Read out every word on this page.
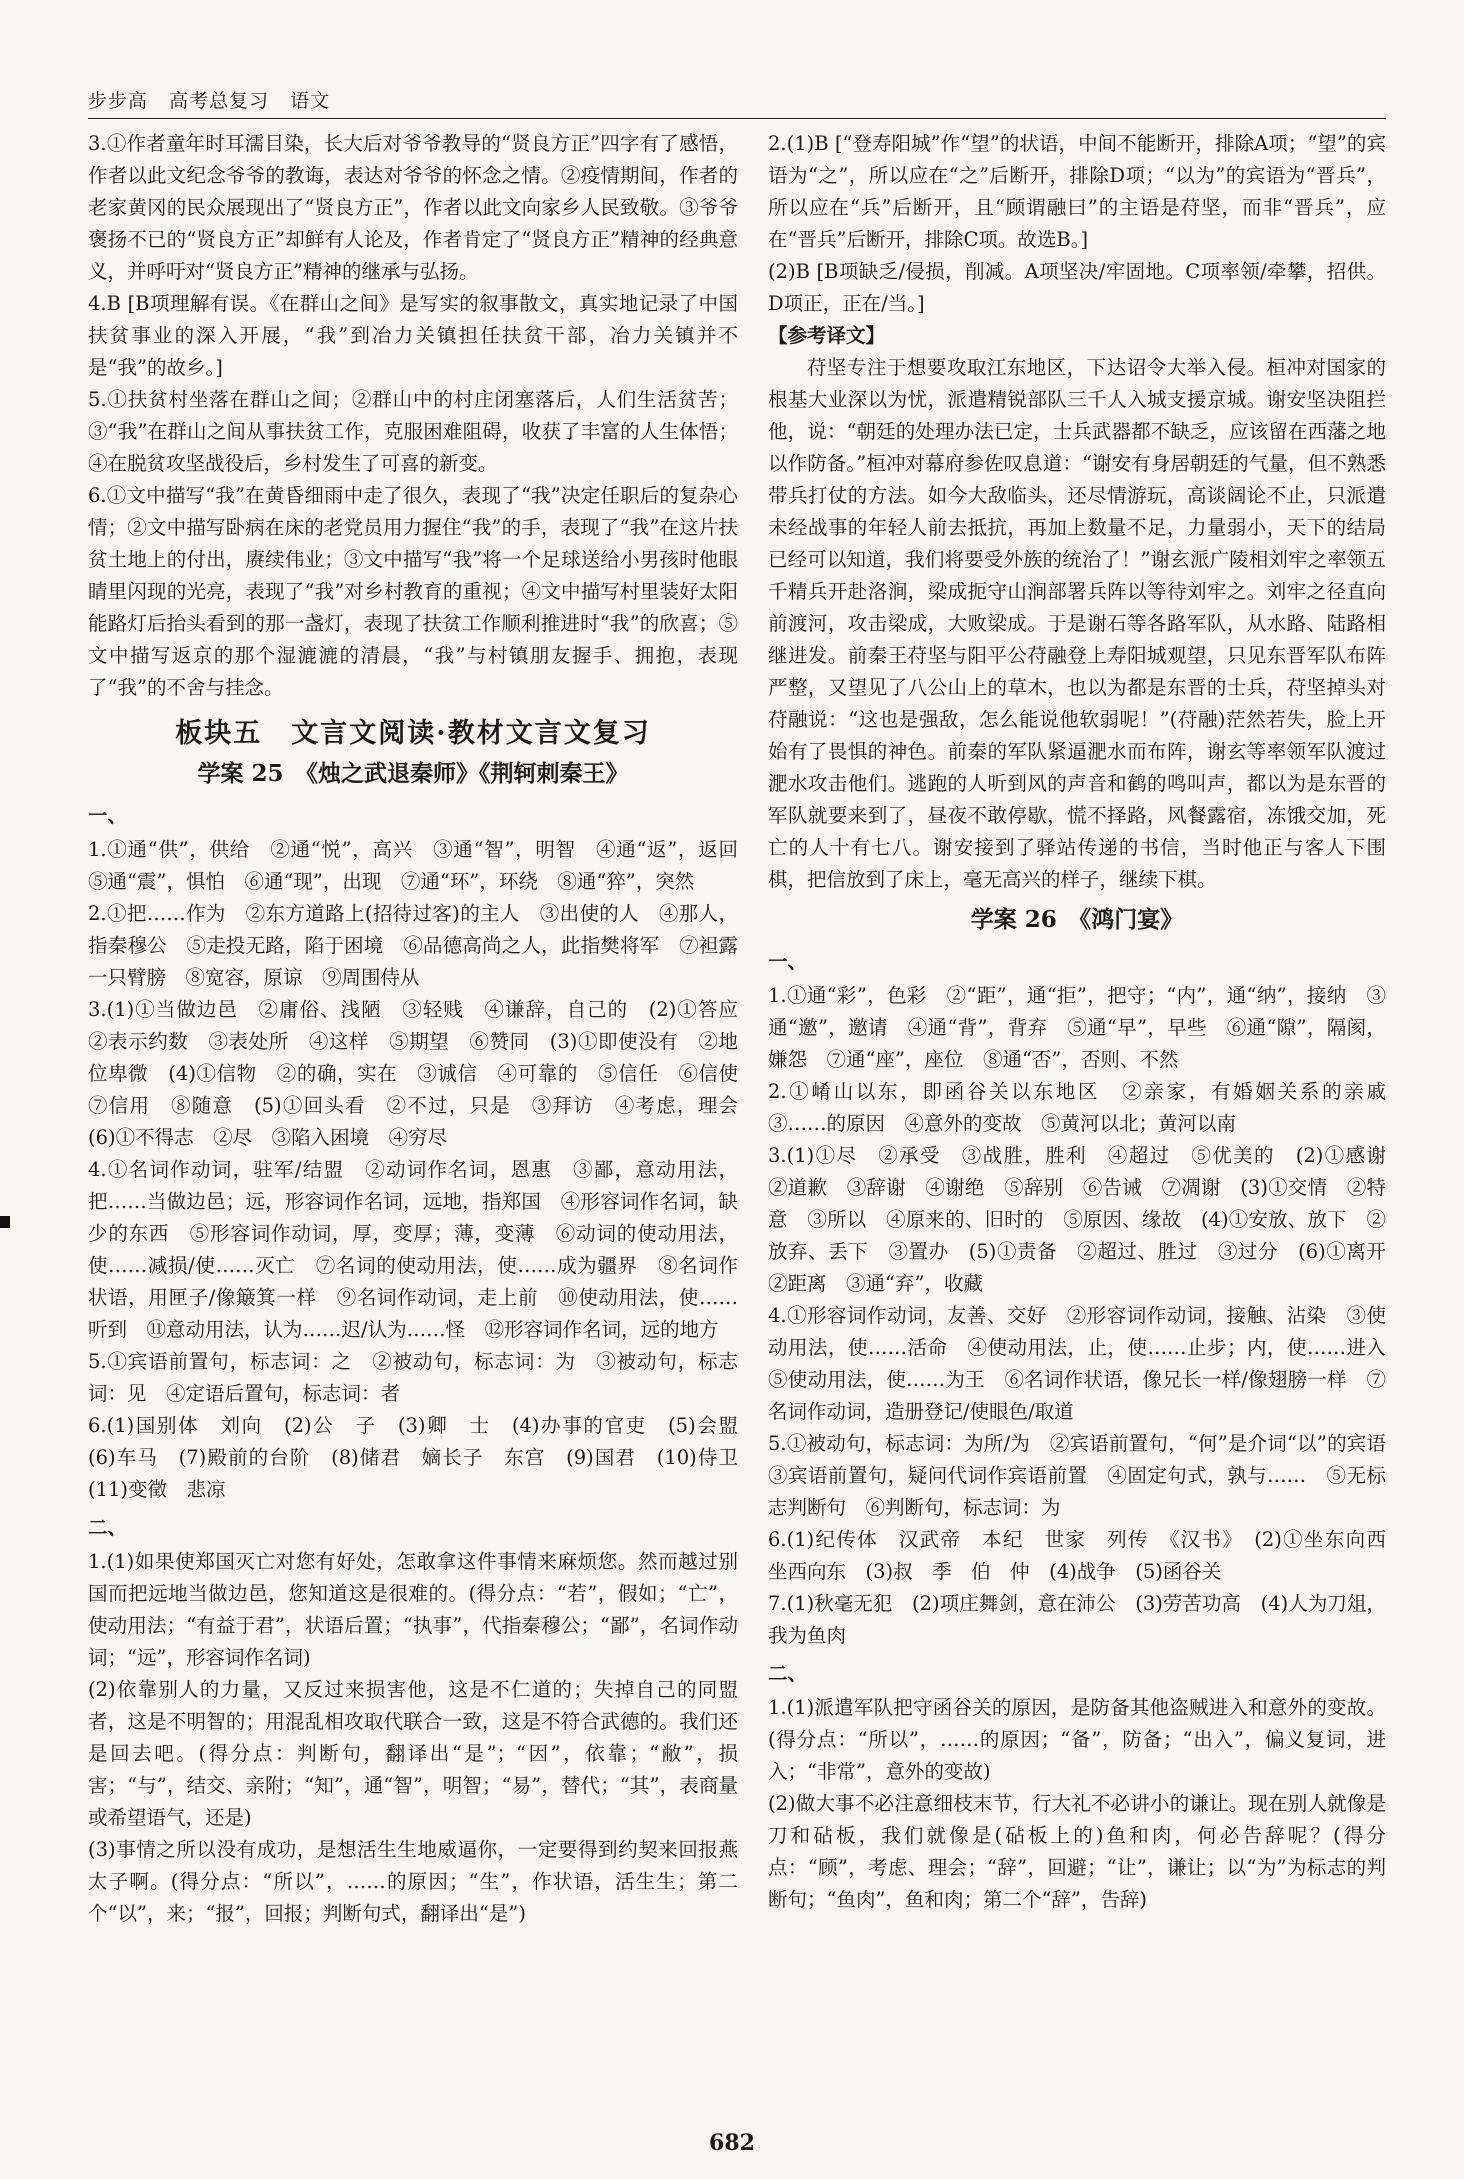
步步高 高考总复习 语文

3.①作者童年时耳濡目染，长大后对爷爷教导的“贤良方正”四字有了感悟，作者以此文纪念爷爷的教诲，表达对爷爷的怀念之情。②疫情期间，作者的老家黄冈的民众展现出了“贤良方正”，作者以此文向家乡人民致敬。③爷爷褒扬不已的“贤良方正”却鲜有人论及，作者肯定了“贤良方正”精神的经典意义，并呼吁对“贤良方正”精神的继承与弘扬。

4.B [B项理解有误。《在群山之间》是写实的叙事散文，真实地记录了中国扶贫事业的深入开展，“我”到冶力关镇担任扶贫干部，冶力关镇并不是“我”的故乡。]

5.①扶贫村坐落在群山之间；②群山中的村庄闭塞落后，人们生活贫苦；③“我”在群山之间从事扶贫工作，克服困难阻碍，收获了丰富的人生体悟；④在脱贫攻坚战役后，乡村发生了可喜的新变。

6.①文中描写“我”在黄昏细雨中走了很久，表现了“我”决定任职后的复杂心情；②文中描写卧病在床的老党员用力握住“我”的手，表现了“我”在这片扶贫土地上的付出，赓续伟业；③文中描写“我”将一个足球送给小男孩时他眼睛里闪现的光亮，表现了“我”对乡村教育的重视；④文中描写村里装好太阳能路灯后抬头看到的那一盏灯，表现了扶贫工作顺利推进时“我”的欣喜；⑤文中描写返京的那个湿漉漉的清晨，“我”与村镇朋友握手、拥抱，表现了“我”的不舍与挂念。

板块五　文言文阅读·教材文言文复习
学案 25　《烛之武退秦师》《荆轲刺秦王》
一、

1.①通“供”，供给　②通“悦”，高兴　③通“智”，明智　④通“返”，返回　⑤通“震”，惧怕　⑥通“现”，出现　⑦通“环”，环绕　⑧通“猝”，突然

2.①把……作为　②东方道路上(招待过客)的主人　③出使的人　④那人，指秦穆公　⑤走投无路，陷于困境　⑥品德高尚之人，此指樊将军　⑦袒露一只臂膀　⑧宽容，原谅　⑨周围侍从

3.(1)①当做边邑　②庸俗、浅陋　③轻贱　④谦辞，自己的　(2)①答应　②表示约数　③表处所　④这样　⑤期望　⑥赞同　(3)①即使没有　②地位卑微　(4)①信物　②的确，实在　③诚信　④可靠的　⑤信任　⑥信使　⑦信用　⑧随意　(5)①回头看　②不过，只是　③拜访　④考虑，理会　(6)①不得志　②尽　③陷入困境　④穷尽

4.①名词作动词，驻军/结盟　②动词作名词，恩惠　③鄙，意动用法，把……当做边邑；远，形容词作名词，远地，指郑国　④形容词作名词，缺少的东西　⑤形容词作动词，厚，变厚；薄，变薄　⑥动词的使动用法，使……减损/使……灭亡　⑦名词的使动用法，使……成为疆界　⑧名词作状语，用匣子/像簸箕一样　⑨名词作动词，走上前　⑩使动用法，使……听到　⑪意动用法，认为……迟/认为……怪　⑫形容词作名词，远的地方

5.①宾语前置句，标志词：之　②被动句，标志词：为　③被动句，标志词：见　④定语后置句，标志词：者

6.(1)国别体　刘向　(2)公　子　(3)卿　士　(4)办事的官吏　(5)会盟　(6)车马　(7)殿前的台阶　(8)储君　嫡长子　东宫　(9)国君　(10)侍卫　(11)变徵　悲凉

二、

1.(1)如果使郑国灭亡对您有好处，怎敢拿这件事情来麻烦您。然而越过别国而把远地当做边邑，您知道这是很难的。(得分点：“若”，假如；“亡”，使动用法；“有益于君”，状语后置；“执事”，代指秦穆公；“鄙”，名词作动词；“远”，形容词作名词)

(2)依靠别人的力量，又反过来损害他，这是不仁道的；失掉自己的同盟者，这是不明智的；用混乱相攻取代联合一致，这是不符合武德的。我们还是回去吧。(得分点：判断句，翻译出“是”；“因”，依靠；“敝”，损害；“与”，结交、亲附；“知”，通“智”，明智；“易”，替代；“其”，表商量或希望语气，还是)

(3)事情之所以没有成功，是想活生生地威逼你，一定要得到约契来回报燕太子啊。(得分点：“所以”，……的原因；“生”，作状语，活生生；第二个“以”，来；“报”，回报；判断句式，翻译出“是”)

2.(1)B [“登寿阳城”作“望”的状语，中间不能断开，排除A项；“望”的宾语为“之”，所以应在“之”后断开，排除D项；“以为”的宾语为“晋兵”，所以应在“兵”后断开，且“顾谓融曰”的主语是苻坚，而非“晋兵”，应在“晋兵”后断开，排除C项。故选B。]

(2)B [B项缺乏/侵损，削减。A项坚决/牢固地。C项率领/牵攀，招供。D项正，正在/当。]

【参考译文】

苻坚专注于想要攻取江东地区，下达诏令大举入侵。桓冲对国家的根基大业深以为忧，派遣精锐部队三千人入城支援京城。谢安坚决阻拦他，说：“朝廷的处理办法已定，士兵武器都不缺乏，应该留在西藩之地以作防备。”桓冲对幕府参佐叹息道：“谢安有身居朝廷的气量，但不熟悉带兵打仗的方法。如今大敌临头，还尽情游玩，高谈阔论不止，只派遣未经战事的年轻人前去抵抗，再加上数量不足，力量弱小，天下的结局已经可以知道，我们将要受外族的统治了！”谢玄派广陵相刘牢之率领五千精兵开赴洛涧，梁成扼守山涧部署兵阵以等待刘牢之。刘牢之径直向前渡河，攻击梁成，大败梁成。于是谢石等各路军队，从水路、陆路相继进发。前秦王苻坚与阳平公苻融登上寿阳城观望，只见东晋军队布阵严整，又望见了八公山上的草木，也以为都是东晋的士兵，苻坚掉头对苻融说：“这也是强敌，怎么能说他软弱呢！”(苻融)茫然若失，脸上开始有了畏惧的神色。前秦的军队紧逼淝水而布阵，谢玄等率领军队渡过淝水攻击他们。逃跑的人听到风的声音和鹤的鸣叫声，都以为是东晋的军队就要来到了，昼夜不敢停歇，慌不择路，风餐露宿，冻饿交加，死亡的人十有七八。谢安接到了驿站传递的书信，当时他正与客人下围棋，把信放到了床上，毫无高兴的样子，继续下棋。

学案 26　《鸿门宴》
一、

1.①通“彩”，色彩　②“距”，通“拒”，把守；“内”，通“纳”，接纳　③通“邀”，邀请　④通“背”，背弃　⑤通“早”，早些　⑥通“隙”，隔阂，嫌怨　⑦通“座”，座位　⑧通“否”，否则、不然

2.①崤山以东，即函谷关以东地区　②亲家，有婚姻关系的亲戚　③……的原因　④意外的变故　⑤黄河以北；黄河以南

3.(1)①尽　②承受　③战胜，胜利　④超过　⑤优美的　(2)①感谢　②道歉　③辞谢　④谢绝　⑤辞别　⑥告诫　⑦凋谢　(3)①交情　②特意　③所以　④原来的、旧时的　⑤原因、缘故　(4)①安放、放下　②放弃、丢下　③置办　(5)①责备　②超过、胜过　③过分　(6)①离开　②距离　③通“弃”，收藏

4.①形容词作动词，友善、交好　②形容词作动词，接触、沾染　③使动用法，使……活命　④使动用法，止，使……止步；内，使……进入　⑤使动用法，使……为王　⑥名词作状语，像兄长一样/像翅膀一样　⑦名词作动词，造册登记/使眼色/取道

5.①被动句，标志词：为所/为　②宾语前置句，“何”是介词“以”的宾语　③宾语前置句，疑问代词作宾语前置　④固定句式，孰与……　⑤无标志判断句　⑥判断句，标志词：为

6.(1)纪传体　汉武帝　本纪　世家　列传　《汉书》　(2)①坐东向西　坐西向东　(3)叔　季　伯　仲　(4)战争　(5)函谷关

7.(1)秋毫无犯　(2)项庄舞剑，意在沛公　(3)劳苦功高　(4)人为刀俎，我为鱼肉

二、

1.(1)派遣军队把守函谷关的原因，是防备其他盗贼进入和意外的变故。(得分点：“所以”，……的原因；“备”，防备；“出入”，偏义复词，进入；“非常”，意外的变故)

(2)做大事不必注意细枝末节，行大礼不必讲小的谦让。现在别人就像是刀和砧板，我们就像是(砧板上的)鱼和肉，何必告辞呢？(得分点：“顾”，考虑、理会；“辞”，回避；“让”，谦让；以“为”为标志的判断句；“鱼肉”，鱼和肉；第二个“辞”，告辞)

682
